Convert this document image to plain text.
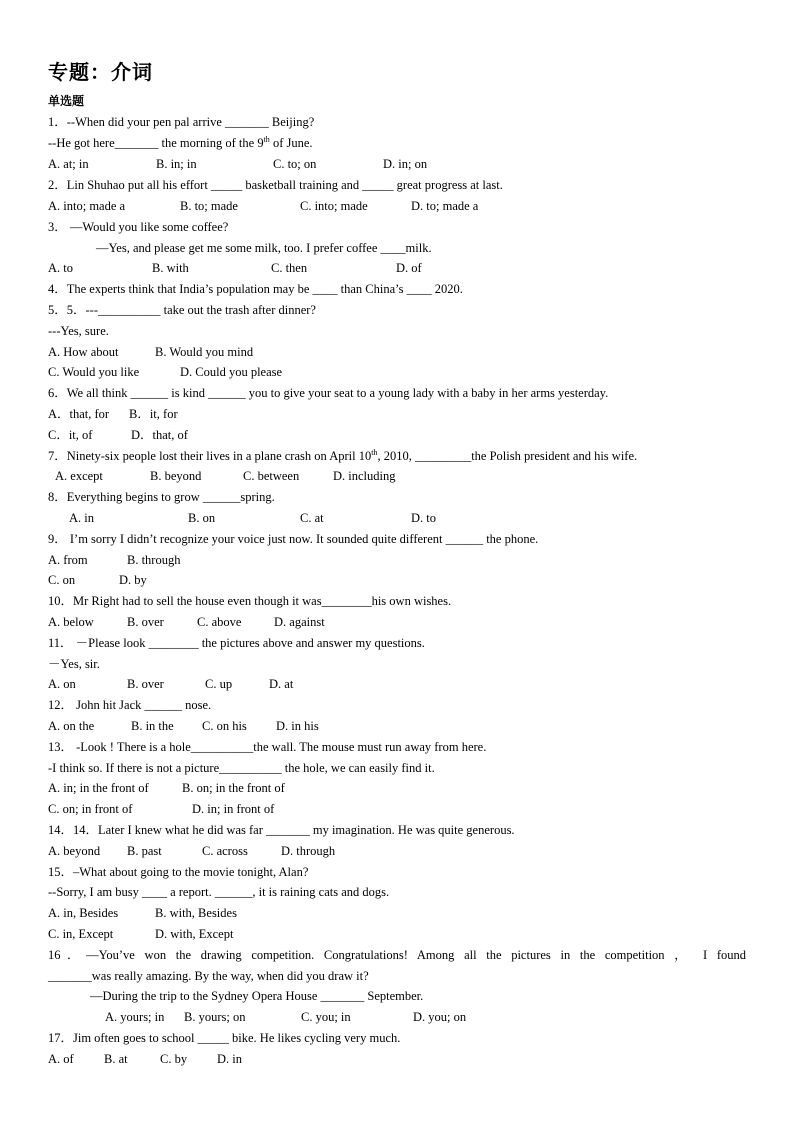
专题：介词
单选题
1．--When did your pen pal arrive _______ Beijing?
--He got here_______ the morning of the 9th of June.
A. at; in	B. in; in	C. to; on	D. in; on
2．Lin Shuhao put all his effort _____ basketball training and _____ great progress at last.
A. into; made a	B. to; made	C. into; made	D. to; made a
3． —Would you like some coffee?
—Yes, and please get me some milk, too. I prefer coffee ____milk.
A. to	B. with	C. then	D. of
4．The experts think that India’s population may be ____ than China’s ____ 2020.
5．5．---__________ take out the trash after dinner?
---Yes, sure.
A. How about	B. Would you mind
C. Would you like	D. Could you please
6．We all think ______ is kind ______ you to give your seat to a young lady with a baby in her arms yesterday.
A．that, for B．it, for
C．it, of	D．that, of
7．Ninety-six people lost their lives in a plane crash on April 10th, 2010, _________the Polish president and his wife.
A. except	B. beyond	C. between	D. including
8．Everything begins to grow ______spring.
A. in	B. on	C. at	D. to
9． I’m sorry I didn’t recognize your voice just now. It sounded quite different ______ the phone.
A. from	B. through
C. on	D. by
10．Mr Right had to sell the house even though it was________his own wishes.
A. below	B. over	C. above	D. against
11． －Please look ________ the pictures above and answer my questions.
－Yes, sir.
A. on	B. over	C. up	D. at
12． John hit Jack ______ nose.
A. on the	B. in the C. on his D. in his
13． -Look ! There is a hole__________the wall. The mouse must run away from here.
-I think so. If there is not a picture__________ the hole, we can easily find it.
A. in; in the front of	B. on; in the front of
C. on; in front of	D. in; in front of
14．14．Later I knew what he did was far _______ my imagination. He was quite generous.
A. beyond B. past	C. across	D. through
15．–What about going to the movie tonight, Alan?
--Sorry, I am busy ____ a report. ______, it is raining cats and dogs.
A. in, Besides	B. with, Besides
C. in, Except	D. with, Except
16．—You’ve won the drawing competition. Congratulations! Among all the pictures in the competition ， I found
_______was really amazing. By the way, when did you draw it?
—During the trip to the Sydney Opera House _______ September.
A. yours; in B. yours; on	C. you; in	D. you; on
17．Jim often goes to school _____ bike. He likes cycling very much.
A. of B. at	C. by D. in
